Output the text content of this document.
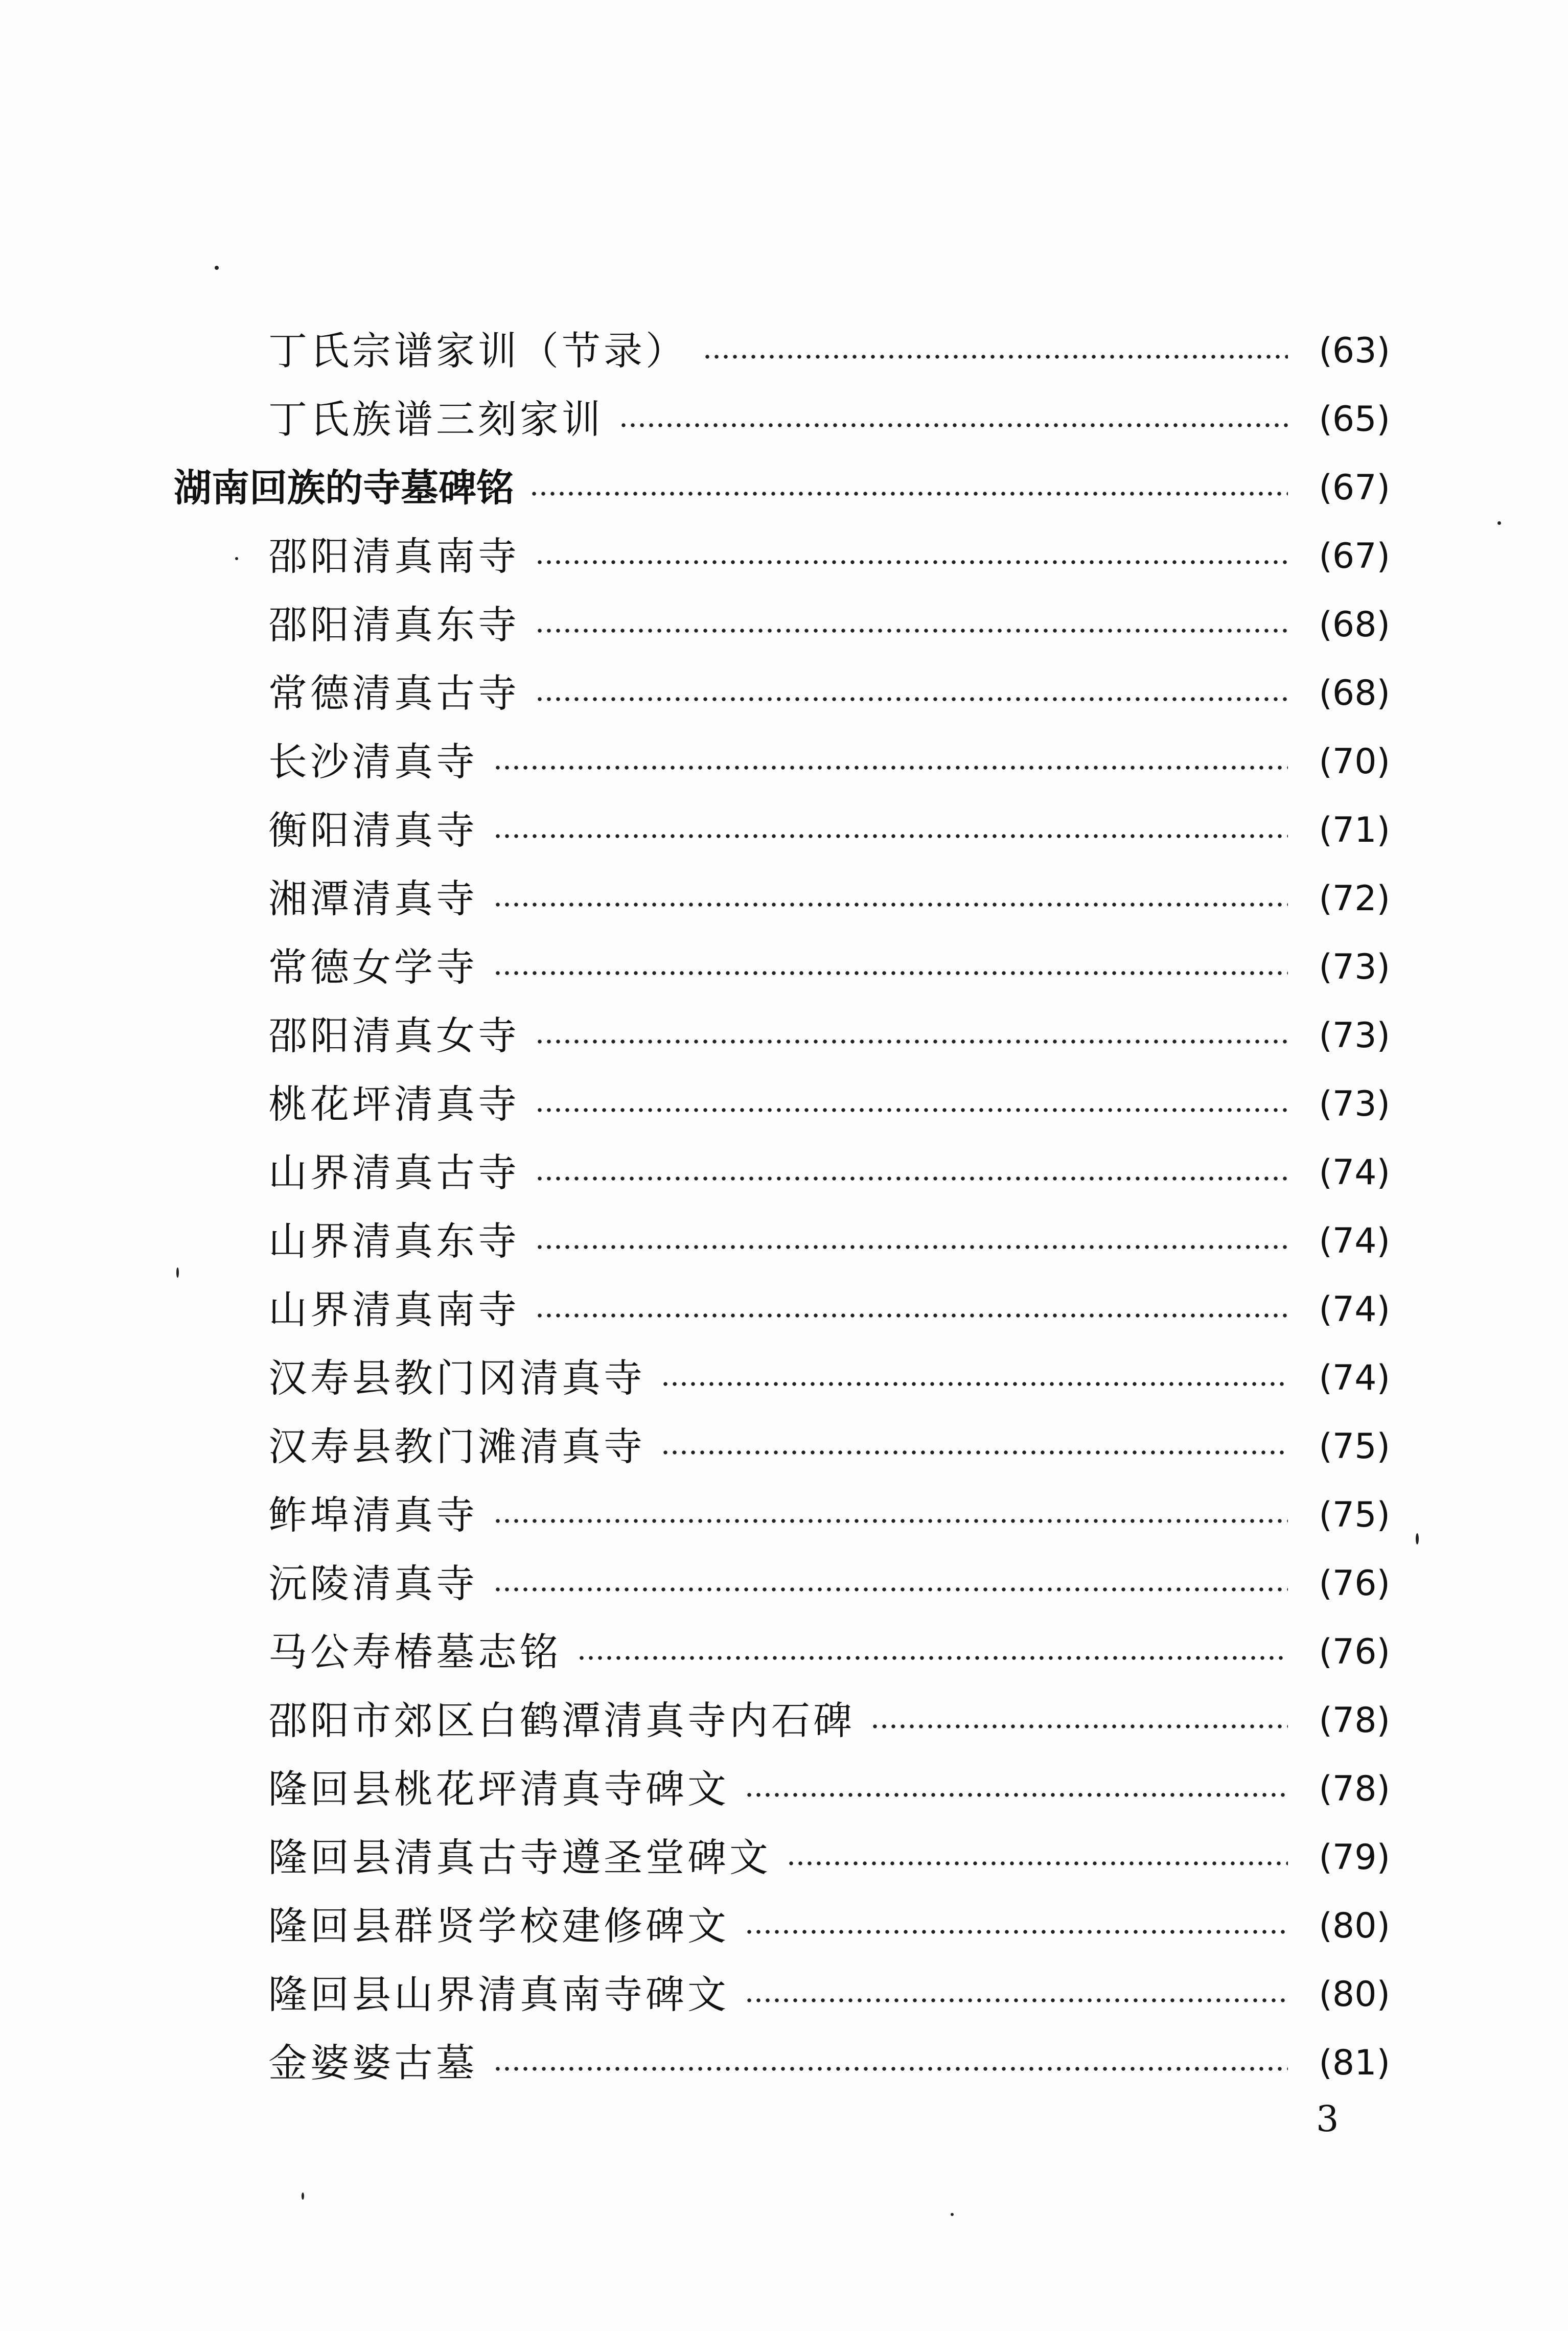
丁氏宗谱家训（节录）	(63)
丁氏族谱三刻家训	(65)
湖南回族的寺墓碑铭	(67)
邵阳清真南寺	(67)
邵阳清真东寺	(68)
常德清真古寺	(68)
长沙清真寺	(70)
衡阳清真寺	(71)
湘潭清真寺	(72)
常德女学寺	(73)
邵阳清真女寺	(73)
桃花坪清真寺	(73)
山界清真古寺	(74)
山界清真东寺	(74)
山界清真南寺	(74)
汉寿县教门冈清真寺	(74)
汉寿县教门滩清真寺	(75)
鲊埠清真寺	(75)
沅陵清真寺	(76)
马公寿椿墓志铭	(76)
邵阳市郊区白鹤潭清真寺内石碑	(78)
隆回县桃花坪清真寺碑文	(78)
隆回县清真古寺遵圣堂碑文	(79)
隆回县群贤学校建修碑文	(80)
隆回县山界清真南寺碑文	(80)
金婆婆古墓	(81)
3
